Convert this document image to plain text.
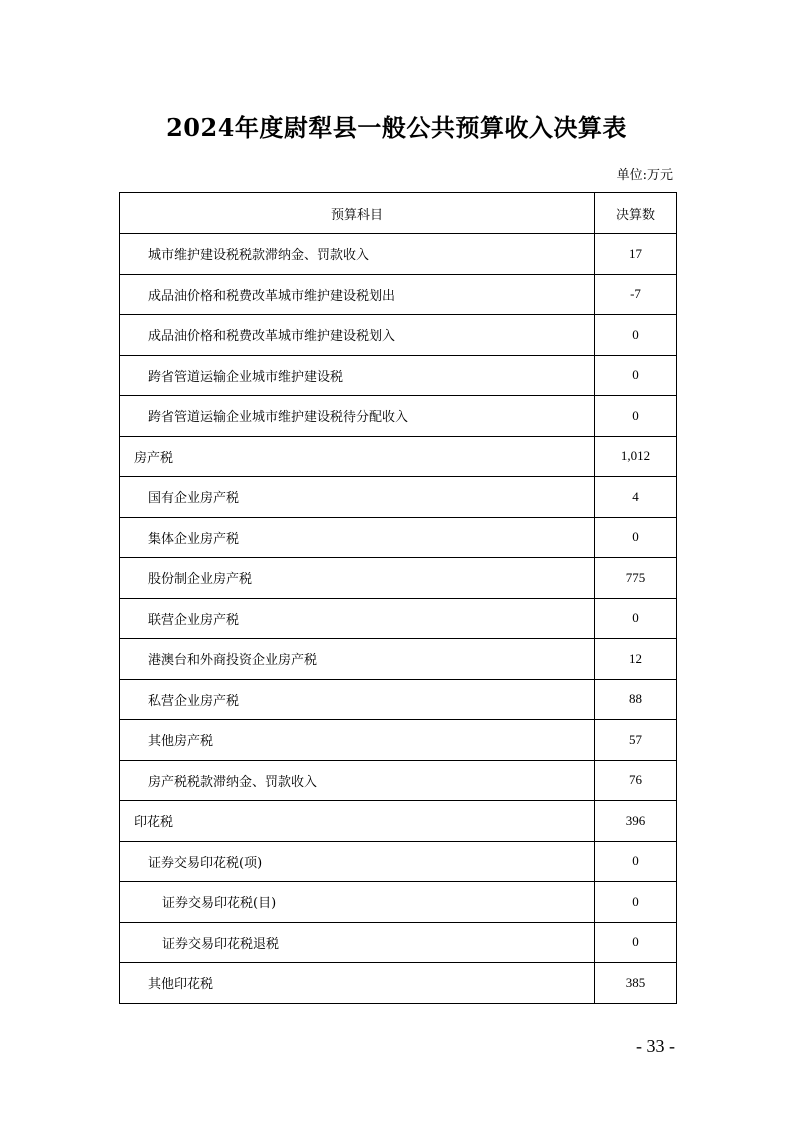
2024年度尉犁县一般公共预算收入决算表
单位:万元
预算科目	决算数
城市维护建设税税款滞纳金、罚款收入	17
成品油价格和税费改革城市维护建设税划出	-7
成品油价格和税费改革城市维护建设税划入	0
跨省管道运输企业城市维护建设税	0
跨省管道运输企业城市维护建设税待分配收入	0
房产税	1,012
国有企业房产税	4
集体企业房产税	0
股份制企业房产税	775
联营企业房产税	0
港澳台和外商投资企业房产税	12
私营企业房产税	88
其他房产税	57
房产税税款滞纳金、罚款收入	76
印花税	396
证券交易印花税(项)	0
证券交易印花税(目)	0
证券交易印花税退税	0
其他印花税	385
- 33 -
